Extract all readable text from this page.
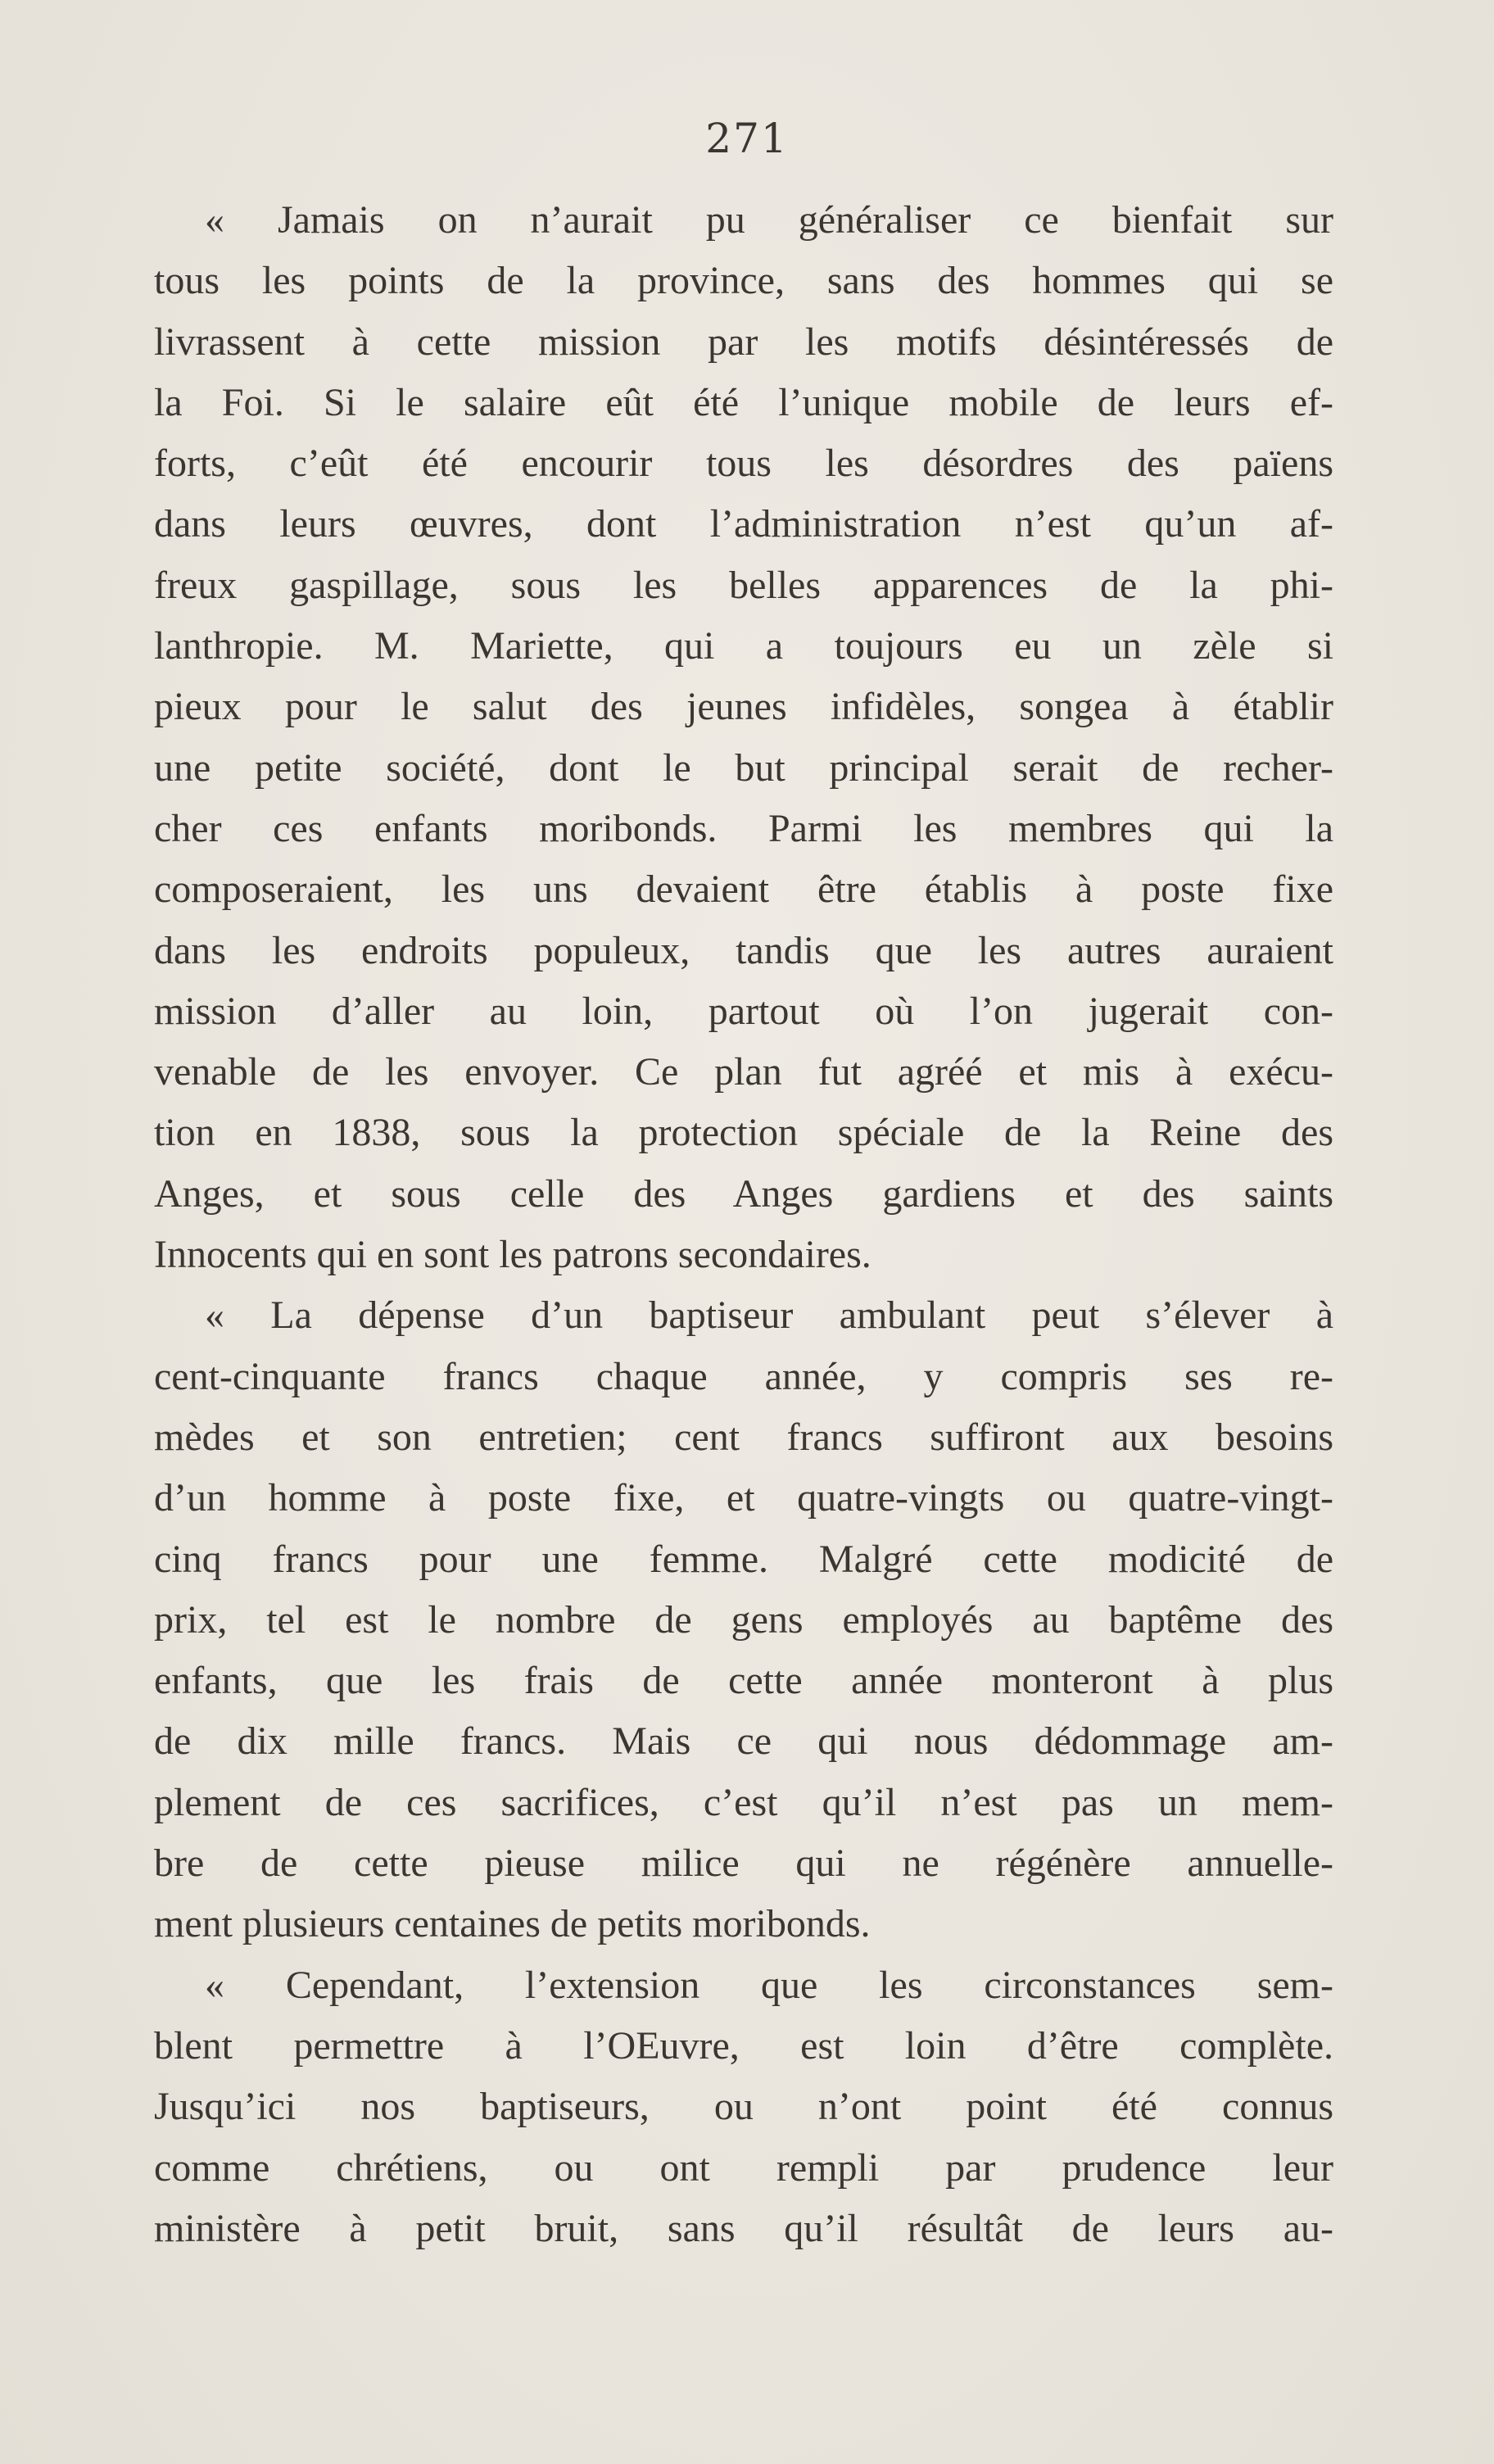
271
« Jamais on n’aurait pu généraliser ce bienfait sur
tous les points de la province, sans des hommes qui se
livrassent à cette mission par les motifs désintéressés de
la Foi. Si le salaire eût été l’unique mobile de leurs ef-
forts, c’eût été encourir tous les désordres des païens
dans leurs œuvres, dont l’administration n’est qu’un af-
freux gaspillage, sous les belles apparences de la phi-
lanthropie. M. Mariette, qui a toujours eu un zèle si
pieux pour le salut des jeunes infidèles, songea à établir
une petite société, dont le but principal serait de recher-
cher ces enfants moribonds. Parmi les membres qui la
composeraient, les uns devaient être établis à poste fixe
dans les endroits populeux, tandis que les autres auraient
mission d’aller au loin, partout où l’on jugerait con-
venable de les envoyer. Ce plan fut agréé et mis à exécu-
tion en 1838, sous la protection spéciale de la Reine des
Anges, et sous celle des Anges gardiens et des saints
Innocents qui en sont les patrons secondaires.
« La dépense d’un baptiseur ambulant peut s’élever à
cent-cinquante francs chaque année, y compris ses re-
mèdes et son entretien; cent francs suffiront aux besoins
d’un homme à poste fixe, et quatre-vingts ou quatre-vingt-
cinq francs pour une femme. Malgré cette modicité de
prix, tel est le nombre de gens employés au baptême des
enfants, que les frais de cette année monteront à plus
de dix mille francs. Mais ce qui nous dédommage am-
plement de ces sacrifices, c’est qu’il n’est pas un mem-
bre de cette pieuse milice qui ne régénère annuelle-
ment plusieurs centaines de petits moribonds.
« Cependant, l’extension que les circonstances sem-
blent permettre à l’OEuvre, est loin d’être complète.
Jusqu’ici nos baptiseurs, ou n’ont point été connus
comme chrétiens, ou ont rempli par prudence leur
ministère à petit bruit, sans qu’il résultât de leurs au-
